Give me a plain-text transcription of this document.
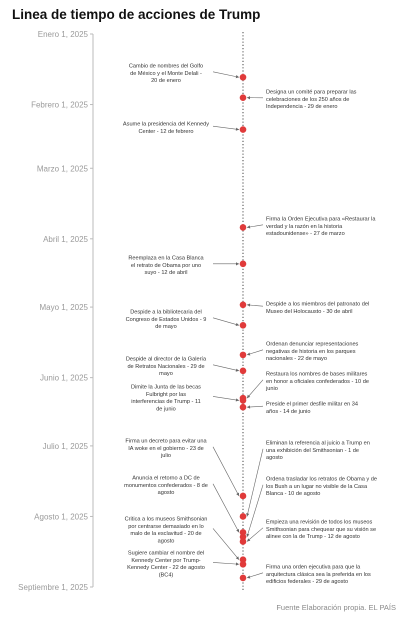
Linea de tiempo de acciones de Trump
Enero 1, 2025
Febrero 1, 2025
Marzo 1, 2025
Abril 1, 2025
Mayo 1, 2025
Junio 1, 2025
Julio 1, 2025
Agosto 1, 2025
Septiembre 1, 2025
Cambio de nombres del Golfo de México y el Monte Delali -20 de enero
Designa un comité para preparar las celebraciones de los 250 años de Independencia - 29 de enero
Asume la presidencia del Kennedy Center - 12 de febrero
Firma la Orden Ejecutiva para «Restaurar la verdad y la razón en la historia estadounidense» - 27 de marzo
Reemplaza en la Casa Blanca el retrato de Obama por uno suyo - 12 de abril
Despide a los miembros del patronato del Museo del Holocausto - 30 de abril
Despide a la bibliotecaria del Congreso de Estados Unidos - 9 de mayo
Ordenan denunciar representaciones negativas de historia en los parques nacionales - 22 de mayo
Despide al director de la Galería de Retratos Nacionales - 29 de mayo	Restaura los nombres de bases militares en honor a oficiales confederados - 10 de junio
Dimite la Junta de las becas Fulbright por las interferencias de Trump - 11 de junio
Preside el primer desfile militar en 34 años - 14 de junio
Firma un decreto para evitar una IA woke en el gobierno - 23 de julio
Eliminan la referencia al juicio a Trump en una exhibición del Smithsonian - 1 de agosto
Anuncia el retorno a DC de monumentos confederados - 8 de agosto
Ordena trasladar los retratos de Obama y de los Bush a un lugar no visible de la Casa Blanca - 10 de agosto
Empieza una revisión de todos los museos Smithsonian para chequear que su visión se alinee con la de Trump - 12 de agosto
Critica a los museos Smithsonian por centrarse demasiado en lo malo de la esclavitud - 20 de agosto
Sugiere cambiar el nombre del Kennedy Center por Trump-Kennedy Center - 22 de agosto (BC4)
Firma una orden ejecutiva para que la arquitectura clásica sea la preferida en los edificios federales - 29 de agosto
Fuente Elaboración propia. EL PAÍS
